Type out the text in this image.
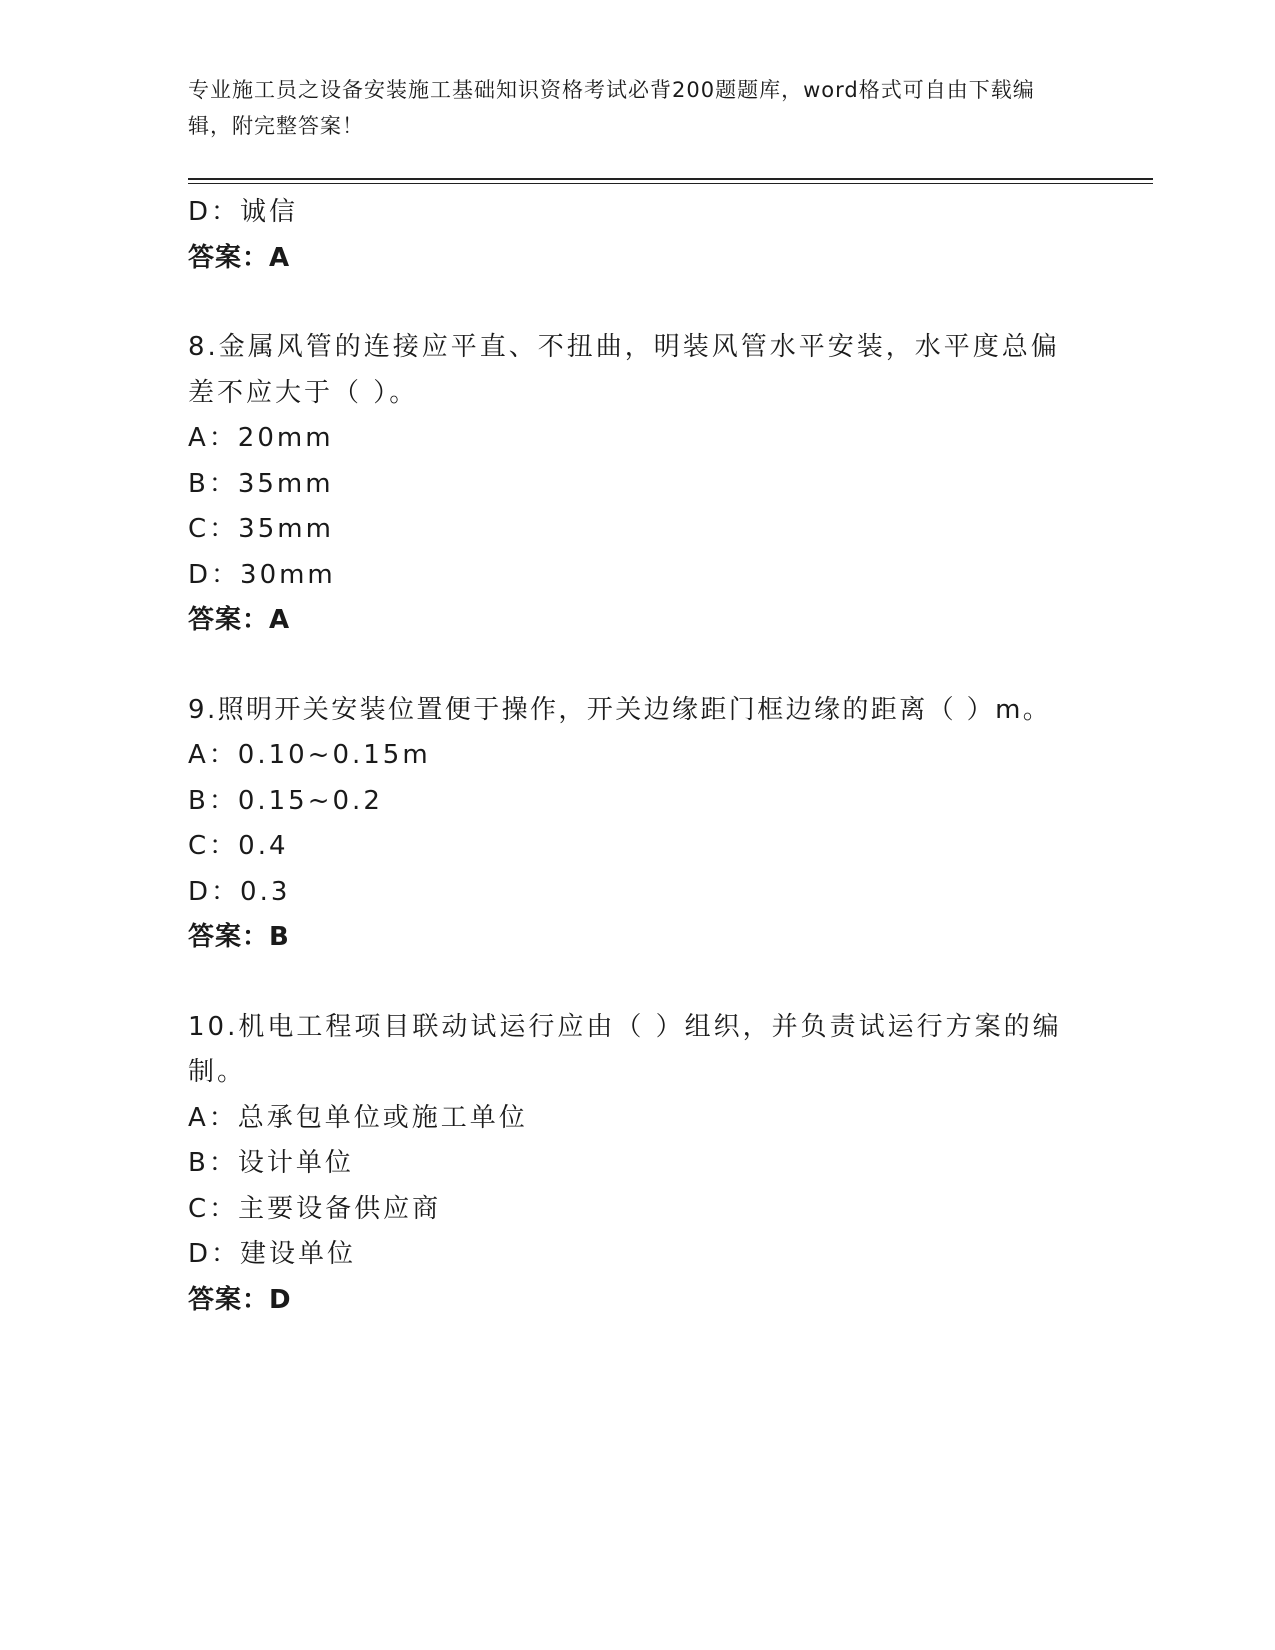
专业施工员之设备安装施工基础知识资格考试必背200题题库，word格式可自由下载编辑，附完整答案！
D：诚信
答案：A
8.金属风管的连接应平直、不扭曲，明装风管水平安装，水平度总偏差不应大于（ ）。
A：20mm
B：35mm
C：35mm
D：30mm
答案：A
9.照明开关安装位置便于操作，开关边缘距门框边缘的距离（ ）m。
A：0.10~0.15m
B：0.15~0.2
C：0.4
D：0.3
答案：B
10.机电工程项目联动试运行应由（ ）组织，并负责试运行方案的编制。
A：总承包单位或施工单位
B：设计单位
C：主要设备供应商
D：建设单位
答案：D
